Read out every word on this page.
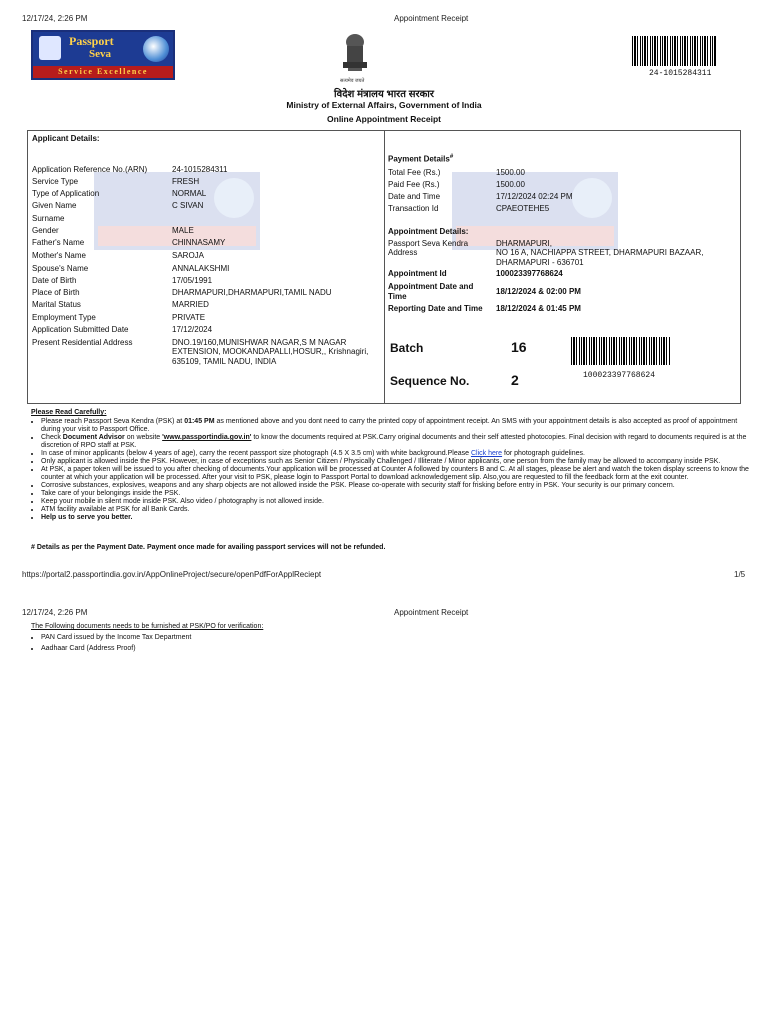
12/17/24, 2:26 PM	Appointment Receipt
Passport
Seva
Service Excellence
सत्यमेव जयते
24-1015284311
विदेश मंत्रालय भारत सरकार
Ministry of External Affairs, Government of India
Online Appointment Receipt
Applicant Details:
Application Reference No.(ARN)	24-1015284311
Service Type	FRESH
Type of Application	NORMAL
Given Name	C SIVAN
Surname
Gender	MALE
Father's Name	CHINNASAMY
Mother's Name	SAROJA
Spouse's Name	ANNALAKSHMI
Date of Birth	17/05/1991
Place of Birth	DHARMAPURI,DHARMAPURI,TAMIL NADU
Marital Status	MARRIED
Employment Type	PRIVATE
Application Submitted Date	17/12/2024
Present Residential Address	DNO.19/160,MUNISHWAR NAGAR,S M NAGAR
EXTENSION, MOOKANDAPALLI,HOSUR,, Krishnagiri,
635109, TAMIL NADU, INDIA
Payment Details#
Total Fee (Rs.)	1500.00
Paid Fee (Rs.)	1500.00
Date and Time	17/12/2024 02:24 PM
Transaction Id	CPAEOTEHE5
Appointment Details:
Passport Seva Kendra	DHARMAPURI,
Address	NO 16 A, NACHIAPPA STREET, DHARMAPURI BAZAAR,
DHARMAPURI - 636701
Appointment Id	100023397768624
Appointment Date and
Time
18/12/2024 & 02:00 PM
Reporting Date and Time 18/12/2024 & 01:45 PM
Batch	16
Sequence No.	2	100023397768624
Please Read Carefully:
• Please reach Passport Seva Kendra (PSK) at 01:45 PM as mentioned above and you dont need to carry the printed copy of appointment receipt. An SMS with your appointment details is also accepted as proof of appointment during your visit to Passport Office.
• Check Document Advisor on website 'www.passportindia.gov.in' to know the documents required at PSK.Carry original documents and their self attested photocopies. Final decision with regard to documents required is at the discretion of RPO staff at PSK.
• In case of minor applicants (below 4 years of age), carry the recent passport size photograph (4.5 X 3.5 cm) with white background.Please Click here for photograph guidelines.
• Only applicant is allowed inside the PSK. However, in case of exceptions such as Senior Citizen / Physically Challenged / Illiterate / Minor applicants, one person from the family may be allowed to accompany inside PSK.
• At PSK, a paper token will be issued to you after checking of documents.Your application will be processed at Counter A followed by counters B and C. At all stages, please be alert and watch the token display screens to know the counter at which your application will be processed. After your visit to PSK, please login to Passport Portal to download acknowledgement slip. Also,you are requested to fill the feedback form at the exit counter.
• Corrosive substances, explosives, weapons and any sharp objects are not allowed inside the PSK. Please co-operate with security staff for frisking before entry in PSK. Your security is our primary concern.
• Take care of your belongings inside the PSK.
• Keep your mobile in silent mode inside PSK. Also video / photography is not allowed inside.
• ATM facility available at PSK for all Bank Cards.
• Help us to serve you better.
# Details as per the Payment Date. Payment once made for availing passport services will not be refunded.
https://portal2.passportindia.gov.in/AppOnlineProject/secure/openPdfForApplReciept	1/5
12/17/24, 2:26 PM	Appointment Receipt
The Following documents needs to be furnished at PSK/PO for verification:
• PAN Card issued by the Income Tax Department
• Aadhaar Card (Address Proof)
